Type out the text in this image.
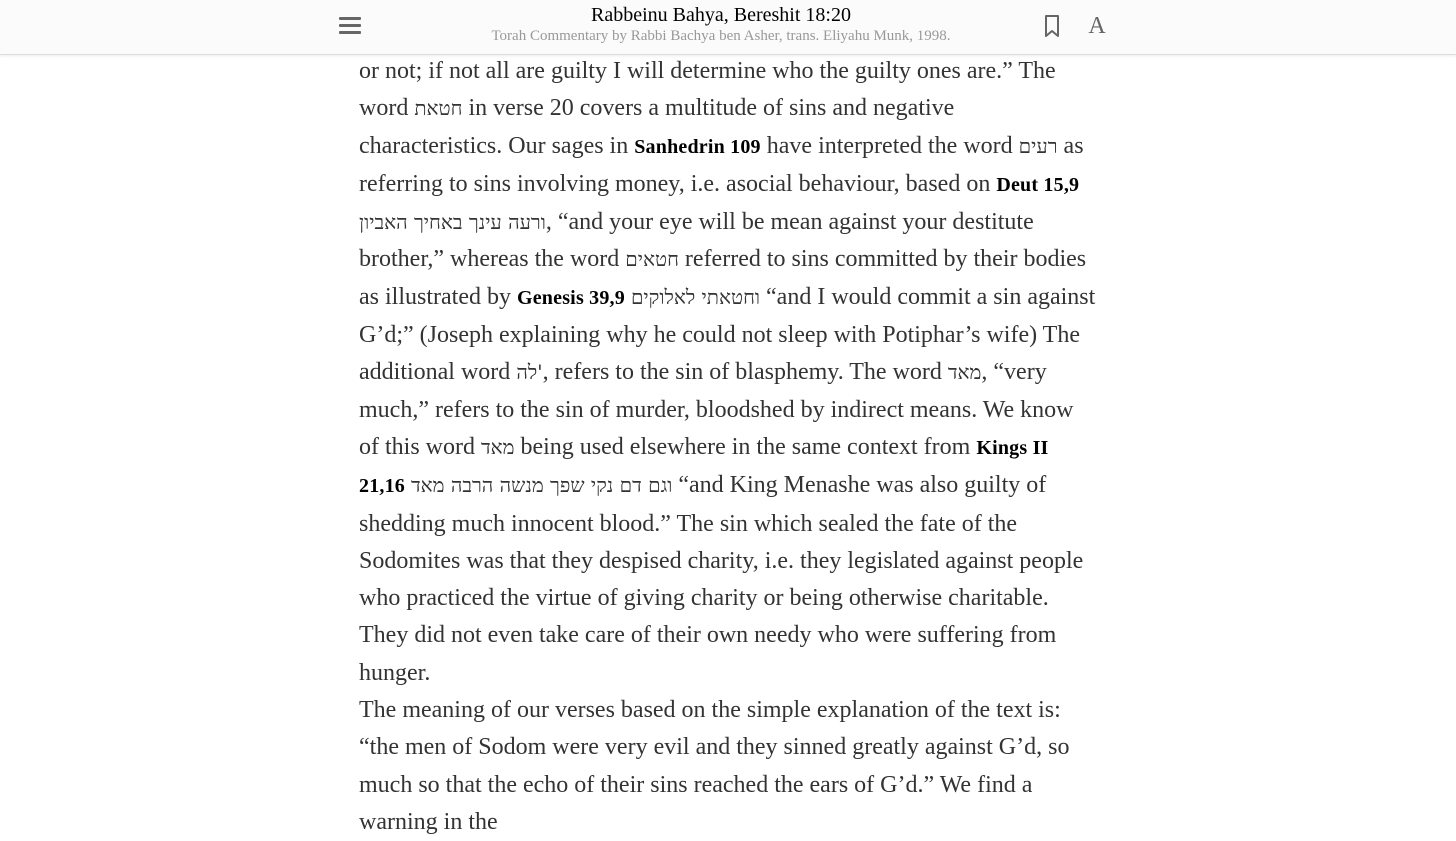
Rabbeinu Bahya, Bereshit 18:20
Torah Commentary by Rabbi Bachya ben Asher, trans. Eliyahu Munk, 1998.	A

or not; if not all are guilty I will determine who the guilty ones are.” The word חטאת in verse 20 covers a multitude of sins and negative characteristics. Our sages in Sanhedrin 109 have interpreted the word רעים as referring to sins involving money, i.e. asocial behaviour, based on Deut 15,9 ורעה עינך באחיך האביון, “and your eye will be mean against your destitute brother,” whereas the word חטאים referred to sins committed by their bodies as illustrated by Genesis 39,9 וחטאתי לאלוקים “and I would commit a sin against G’d;” (Joseph explaining why he could not sleep with Potiphar’s wife) The additional word לה', refers to the sin of blasphemy. The word מאד, “very much,” refers to the sin of murder, bloodshed by indirect means. We know of this word מאד being used elsewhere in the same context from Kings II 21,16 וגם דם נקי שפך מנשה הרבה מאד “and King Menashe was also guilty of shedding much innocent blood.” The sin which sealed the fate of the Sodomites was that they despised charity, i.e. they legislated against people who practiced the virtue of giving charity or being otherwise charitable. They did not even take care of their own needy who were suffering from hunger.

The meaning of our verses based on the simple explanation of the text is: “the men of Sodom were very evil and they sinned greatly against G’d, so much so that the echo of their sins reached the ears of G’d.” We find a warning in the
